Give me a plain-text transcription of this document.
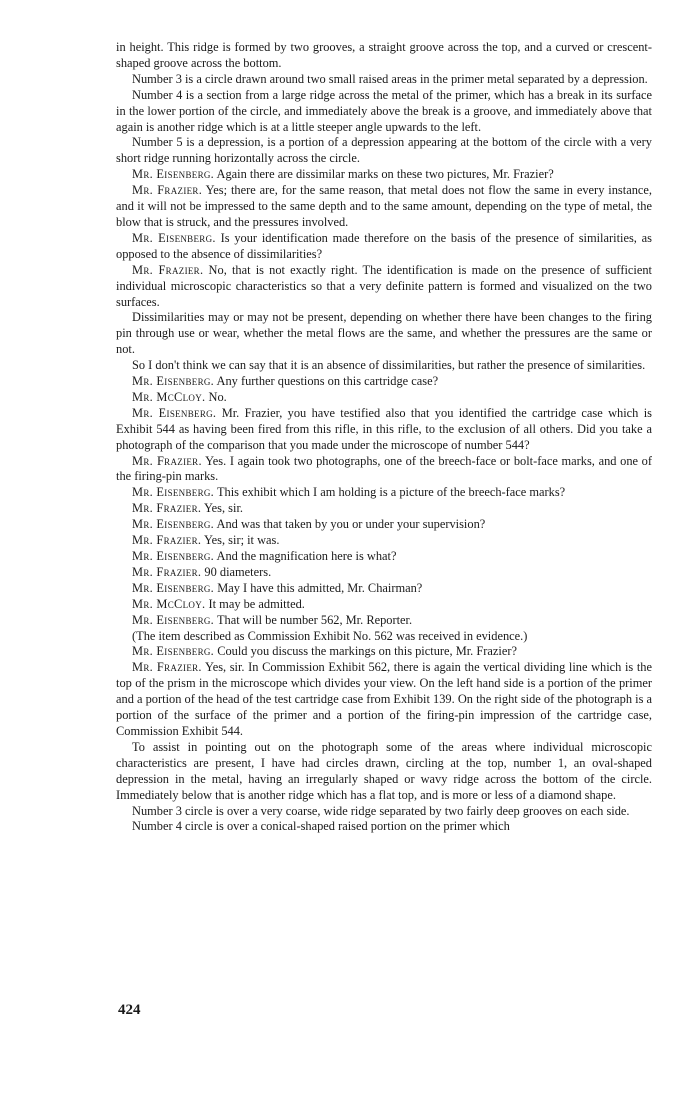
in height. This ridge is formed by two grooves, a straight groove across the top, and a curved or crescent-shaped groove across the bottom.

Number 3 is a circle drawn around two small raised areas in the primer metal separated by a depression.

Number 4 is a section from a large ridge across the metal of the primer, which has a break in its surface in the lower portion of the circle, and immediately above the break is a groove, and immediately above that again is another ridge which is at a little steeper angle upwards to the left.

Number 5 is a depression, is a portion of a depression appearing at the bottom of the circle with a very short ridge running horizontally across the circle.

Mr. Eisenberg. Again there are dissimilar marks on these two pictures, Mr. Frazier?

Mr. Frazier. Yes; there are, for the same reason, that metal does not flow the same in every instance, and it will not be impressed to the same depth and to the same amount, depending on the type of metal, the blow that is struck, and the pressures involved.

Mr. Eisenberg. Is your identification made therefore on the basis of the presence of similarities, as opposed to the absence of dissimilarities?

Mr. Frazier. No, that is not exactly right. The identification is made on the presence of sufficient individual microscopic characteristics so that a very definite pattern is formed and visualized on the two surfaces.

Dissimilarities may or may not be present, depending on whether there have been changes to the firing pin through use or wear, whether the metal flows are the same, and whether the pressures are the same or not.

So I don't think we can say that it is an absence of dissimilarities, but rather the presence of similarities.

Mr. Eisenberg. Any further questions on this cartridge case?

Mr. McCloy. No.

Mr. Eisenberg. Mr. Frazier, you have testified also that you identified the cartridge case which is Exhibit 544 as having been fired from this rifle, in this rifle, to the exclusion of all others. Did you take a photograph of the comparison that you made under the microscope of number 544?

Mr. Frazier. Yes. I again took two photographs, one of the breech-face or bolt-face marks, and one of the firing-pin marks.

Mr. Eisenberg. This exhibit which I am holding is a picture of the breech-face marks?

Mr. Frazier. Yes, sir.

Mr. Eisenberg. And was that taken by you or under your supervision?

Mr. Frazier. Yes, sir; it was.

Mr. Eisenberg. And the magnification here is what?

Mr. Frazier. 90 diameters.

Mr. Eisenberg. May I have this admitted, Mr. Chairman?

Mr. McCloy. It may be admitted.

Mr. Eisenberg. That will be number 562, Mr. Reporter.

(The item described as Commission Exhibit No. 562 was received in evidence.)

Mr. Eisenberg. Could you discuss the markings on this picture, Mr. Frazier?

Mr. Frazier. Yes, sir. In Commission Exhibit 562, there is again the vertical dividing line which is the top of the prism in the microscope which divides your view. On the left hand side is a portion of the primer and a portion of the head of the test cartridge case from Exhibit 139. On the right side of the photograph is a portion of the surface of the primer and a portion of the firing-pin impression of the cartridge case, Commission Exhibit 544.

To assist in pointing out on the photograph some of the areas where individual microscopic characteristics are present, I have had circles drawn, circling at the top, number 1, an oval-shaped depression in the metal, having an irregularly shaped or wavy ridge across the bottom of the circle. Immediately below that is another ridge which has a flat top, and is more or less of a diamond shape.

Number 3 circle is over a very coarse, wide ridge separated by two fairly deep grooves on each side.

Number 4 circle is over a conical-shaped raised portion on the primer which

424
